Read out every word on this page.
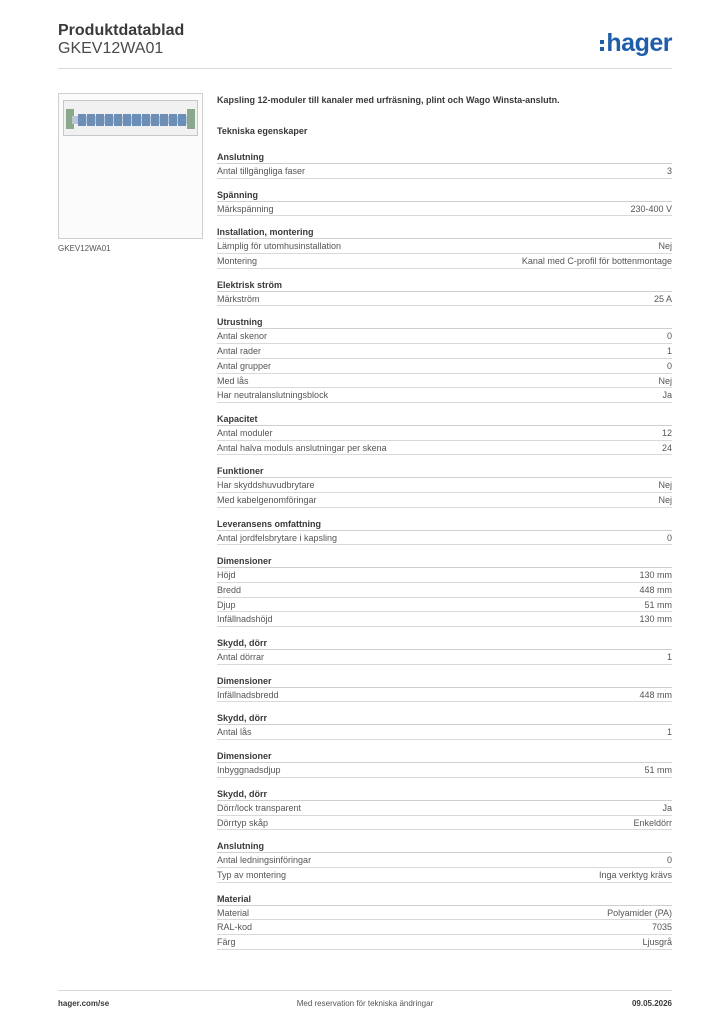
Produktdatablad
GKEV12WA01	hager
GKEV12WA01
Kapsling 12-moduler till kanaler med urfräsning, plint och Wago Winsta-anslutn.
Tekniska egenskaper
Anslutning
Antal tillgängliga faser	3
Spänning
Märkspänning	230-400 V
Installation, montering
Lämplig för utomhusinstallation	Nej
Montering	Kanal med C-profil för bottenmontage
Elektrisk ström
Märkström	25 A
Utrustning
Antal skenor	0
Antal rader	1
Antal grupper	0
Med lås	Nej
Har neutralanslutningsblock	Ja
Kapacitet
Antal moduler	12
Antal halva moduls anslutningar per skena	24
Funktioner
Har skyddshuvudbrytare	Nej
Med kabelgenomföringar	Nej
Leveransens omfattning
Antal jordfelsbrytare i kapsling	0
Dimensioner
Höjd	130 mm
Bredd	448 mm
Djup	51 mm
Infällnadshöjd	130 mm
Skydd, dörr
Antal dörrar	1
Dimensioner
Infällnadsbredd	448 mm
Skydd, dörr
Antal lås	1
Dimensioner
Inbyggnadsdjup	51 mm
Skydd, dörr
Dörr/lock transparent	Ja
Dörrtyp skåp	Enkeldörr
Anslutning
Antal ledningsinföringar	0
Typ av montering	Inga verktyg krävs
Material
Material	Polyamider (PA)
RAL-kod	7035
Färg	Ljusgrå
hager.com/se	Med reservation för tekniska ändringar	09.05.2026
